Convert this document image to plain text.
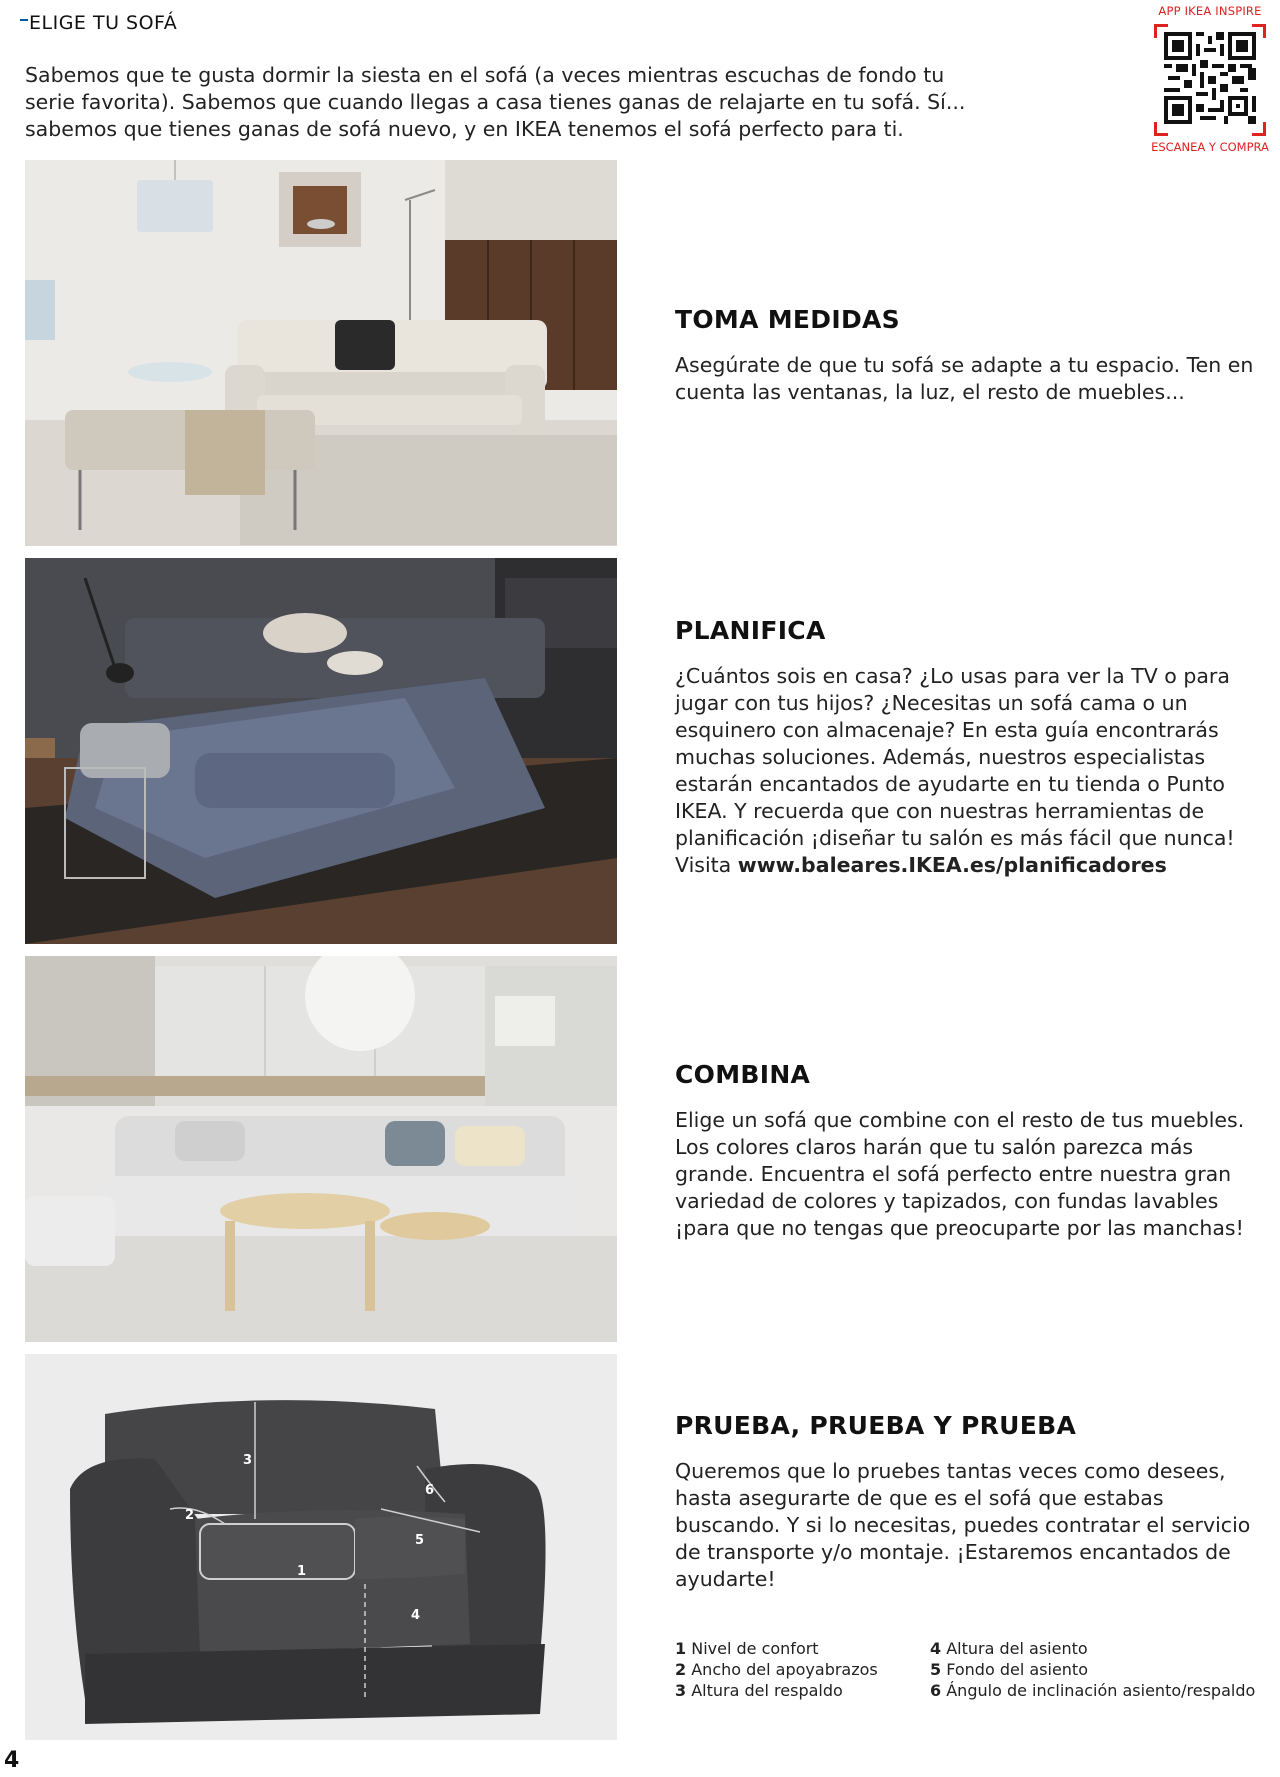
ELIGE TU SOFÁ

Sabemos que te gusta dormir la siesta en el sofá (a veces mientras escuchas de fondo tu serie favorita). Sabemos que cuando llegas a casa tienes ganas de relajarte en tu sofá. Sí... sabemos que tienes ganas de sofá nuevo, y en IKEA tenemos el sofá perfecto para ti.

APP IKEA INSPIRE
ESCANEA Y COMPRA
1
2
3
4
5
6
TOMA MEDIDAS

Asegúrate de que tu sofá se adapte a tu espacio. Ten en cuenta las ventanas, la luz, el resto de muebles...

PLANIFICA

¿Cuántos sois en casa? ¿Lo usas para ver la TV o para jugar con tus hijos? ¿Necesitas un sofá cama o un esquinero con almacenaje? En esta guía encontrarás muchas soluciones. Además, nuestros especialistas estarán encantados de ayudarte en tu tienda o Punto IKEA. Y recuerda que con nuestras herramientas de planificación ¡diseñar tu salón es más fácil que nunca! Visita www.baleares.IKEA.es/planificadores

COMBINA

Elige un sofá que combine con el resto de tus muebles. Los colores claros harán que tu salón parezca más grande. Encuentra el sofá perfecto entre nuestra gran variedad de colores y tapizados, con fundas lavables ¡para que no tengas que preocuparte por las manchas!

PRUEBA, PRUEBA Y PRUEBA

Queremos que lo pruebes tantas veces como desees, hasta asegurarte de que es el sofá que estabas buscando. Y si lo necesitas, puedes contratar el servicio de transporte y/o montaje. ¡Estaremos encantados de ayudarte!

1 Nivel de confort
2 Ancho del apoyabrazos
3 Altura del respaldo
4 Altura del asiento
5 Fondo del asiento
6 Ángulo de inclinación asiento/respaldo
4
